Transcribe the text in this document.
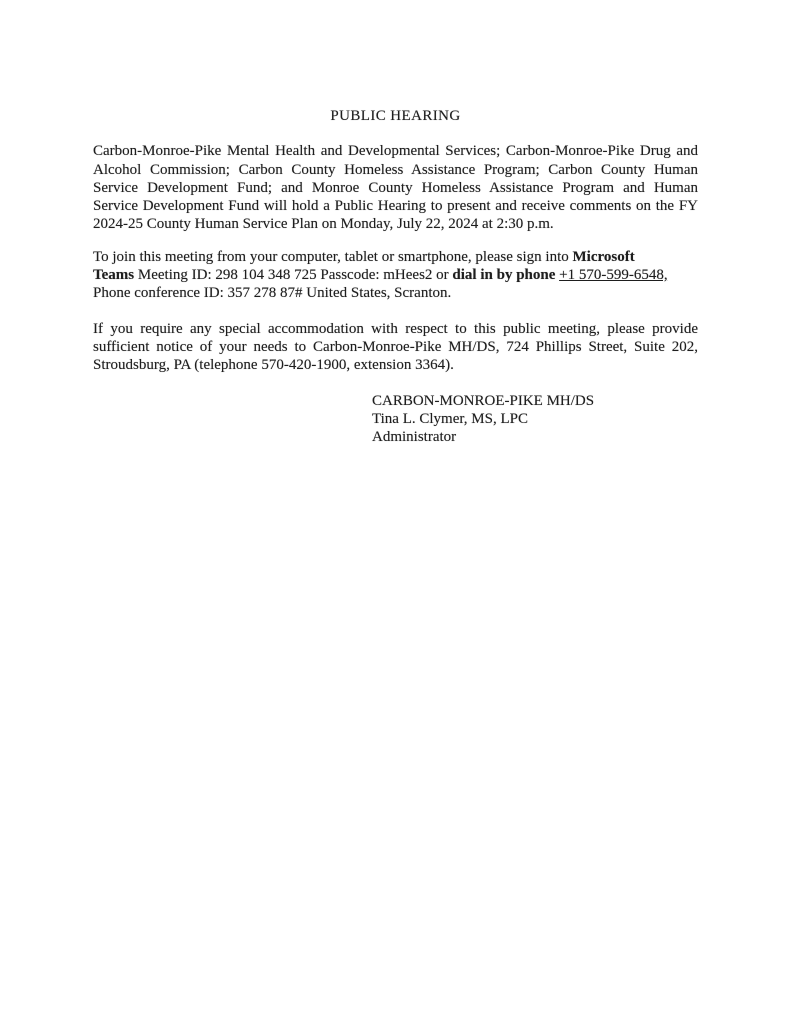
PUBLIC HEARING
Carbon-Monroe-Pike Mental Health and Developmental Services; Carbon-Monroe-Pike Drug and
Alcohol Commission; Carbon County Homeless Assistance Program; Carbon County Human
Service Development Fund; and Monroe County Homeless Assistance Program and Human
Service Development Fund will hold a Public Hearing to present and receive comments on the FY
2024-25 County Human Service Plan on Monday, July 22, 2024 at 2:30 p.m.
To join this meeting from your computer, tablet or smartphone, please sign into Microsoft
Teams Meeting ID: 298 104 348 725 Passcode: mHees2 or dial in by phone +1 570-599-6548,
Phone conference ID: 357 278 87# United States, Scranton.
If you require any special accommodation with respect to this public meeting, please provide
sufficient notice of your needs to Carbon-Monroe-Pike MH/DS, 724 Phillips Street, Suite 202,
Stroudsburg, PA (telephone 570-420-1900, extension 3364).
CARBON-MONROE-PIKE MH/DS
Tina L. Clymer, MS, LPC
Administrator
